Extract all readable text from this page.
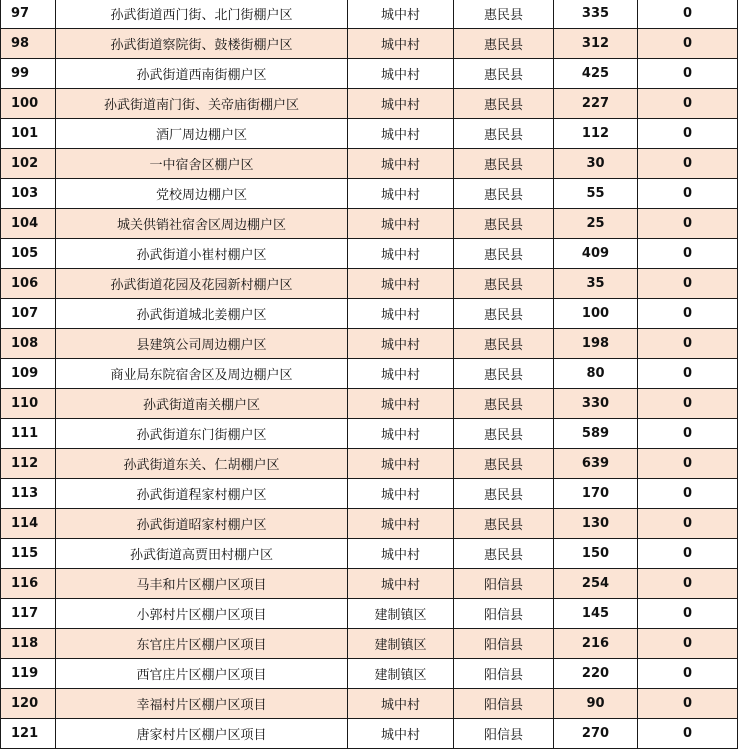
97	孙武街道西门街、北门街棚户区	城中村	惠民县	335	0
98	孙武街道察院街、鼓楼街棚户区	城中村	惠民县	312	0
99	孙武街道西南街棚户区	城中村	惠民县	425	0
100	孙武街道南门街、关帝庙街棚户区	城中村	惠民县	227	0
101	酒厂周边棚户区	城中村	惠民县	112	0
102	一中宿舍区棚户区	城中村	惠民县	30	0
103	党校周边棚户区	城中村	惠民县	55	0
104	城关供销社宿舍区周边棚户区	城中村	惠民县	25	0
105	孙武街道小崔村棚户区	城中村	惠民县	409	0
106	孙武街道花园及花园新村棚户区	城中村	惠民县	35	0
107	孙武街道城北姜棚户区	城中村	惠民县	100	0
108	县建筑公司周边棚户区	城中村	惠民县	198	0
109	商业局东院宿舍区及周边棚户区	城中村	惠民县	80	0
110	孙武街道南关棚户区	城中村	惠民县	330	0
111	孙武街道东门街棚户区	城中村	惠民县	589	0
112	孙武街道东关、仁胡棚户区	城中村	惠民县	639	0
113	孙武街道程家村棚户区	城中村	惠民县	170	0
114	孙武街道昭家村棚户区	城中村	惠民县	130	0
115	孙武街道高贾田村棚户区	城中村	惠民县	150	0
116	马丰和片区棚户区项目	城中村	阳信县	254	0
117	小郭村片区棚户区项目	建制镇区	阳信县	145	0
118	东官庄片区棚户区项目	建制镇区	阳信县	216	0
119	西官庄片区棚户区项目	建制镇区	阳信县	220	0
120	幸福村片区棚户区项目	城中村	阳信县	90	0
121	唐家村片区棚户区项目	城中村	阳信县	270	0
